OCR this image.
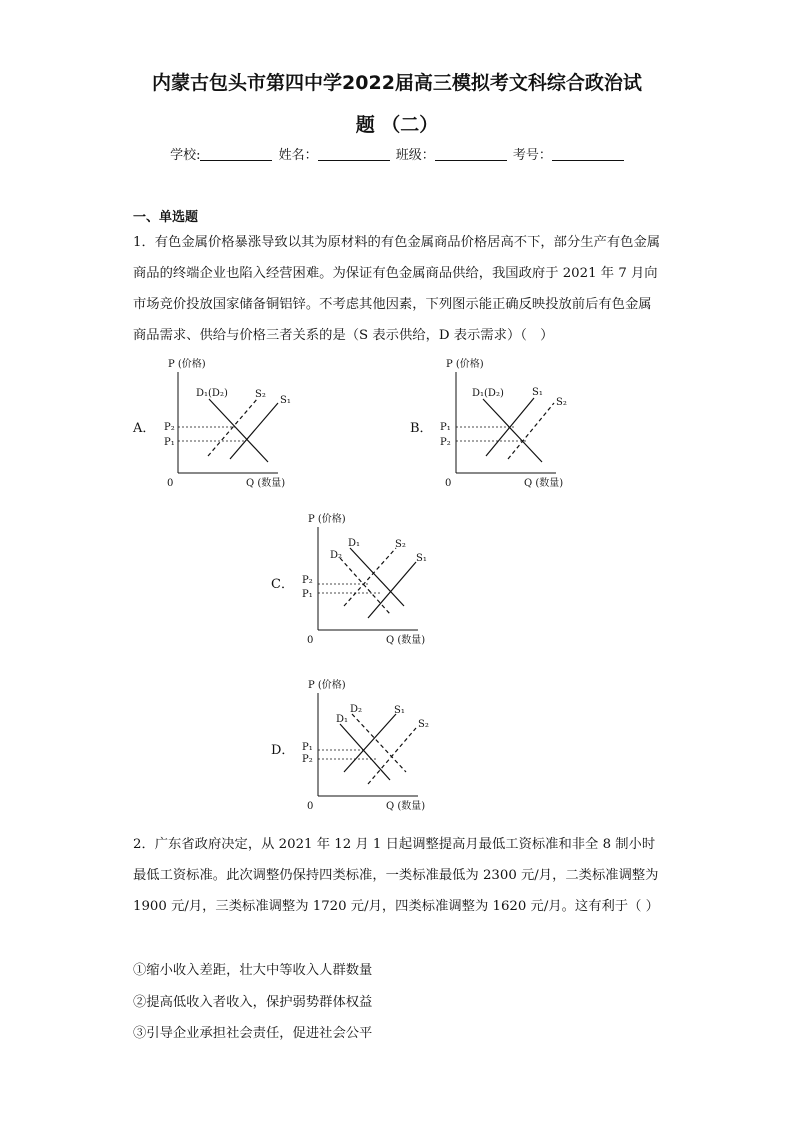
内蒙古包头市第四中学2022届高三模拟考文科综合政治试
题 （二）
学校:	姓名：	班级：	考号：
一、单选题
1．有色金属价格暴涨导致以其为原材料的有色金属商品价格居高不下，部分生产有色金属商品的终端企业也陷入经营困难。为保证有色金属商品供给，我国政府于 2021 年 7 月向市场竞价投放国家储备铜铝锌。不考虑其他因素，下列图示能正确反映投放前后有色金属商品需求、供给与价格三者关系的是（S 表示供给，D 表示需求）（　）
A．
P (价格)
0	Q (数量)
P₂
P₁
D₁(D₂)	S₂
S₁
B．
P (价格)
0	Q (数量)
P₁
P₂
D₁(D₂)	S₁
S₂
C．
P (价格)
0	Q (数量)
P₂
P₁
D₂
D₁	S₂
S₁
D．
P (价格)
0	Q (数量)
P₁
P₂
D₁
D₂	S₁
S₂
2．广东省政府决定，从 2021 年 12 月 1 日起调整提高月最低工资标准和非全 8 制小时最低工资标准。此次调整仍保持四类标准，一类标准最低为 2300 元/月，二类标准调整为 1900 元/月，三类标准调整为 1720 元/月，四类标准调整为 1620 元/月。这有利于（ ）
①缩小收入差距，壮大中等收入人群数量
②提高低收入者收入，保护弱势群体权益
③引导企业承担社会责任，促进社会公平
